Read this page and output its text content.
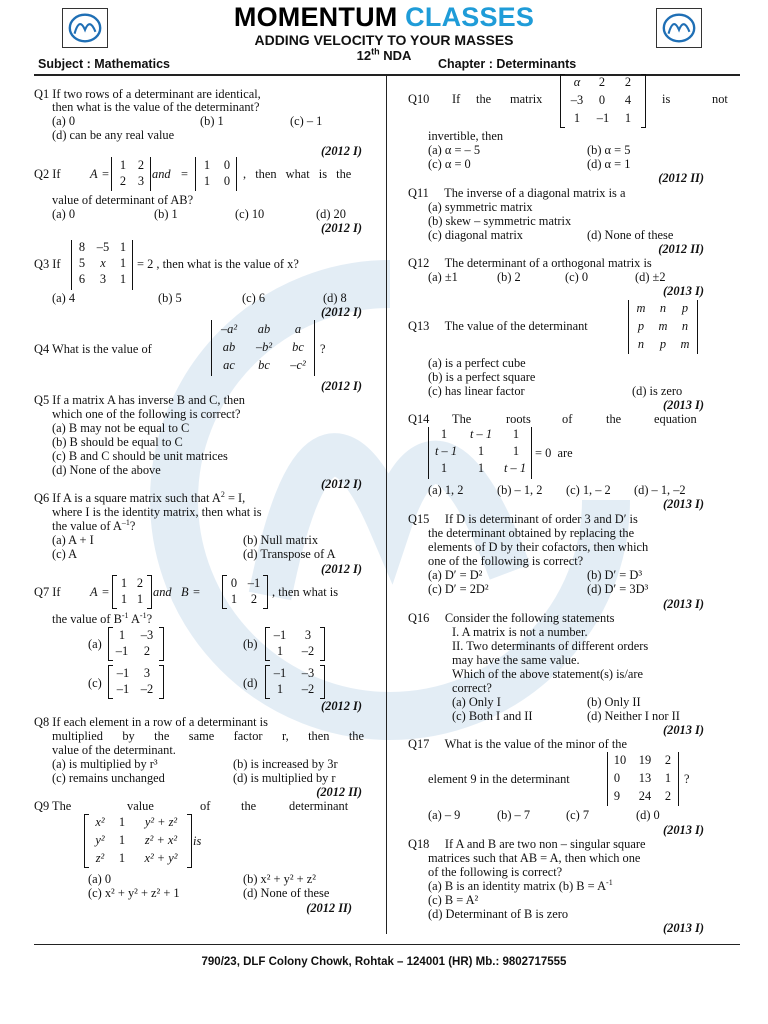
MOMENTUM CLASSES
ADDING VELOCITY TO YOUR MASSES
12th NDA
Subject : Mathematics	Chapter : Determinants
Q1 If two rows of a determinant are identical,
then what is the value of the determinant?
(a) 0	(b) 1	(c) – 1
(d) can be any real value
(2012 I)
Q2 If A =
1 2
2 3 and =
1	0
1	0	, then what is the
value of determinant of AB?
(a) 0	(b) 1	(c) 10	(d) 20
(2012 I)
Q3 If
8 –5 1
5	x	1
6	3	1
= 2 , then what is the value of x?
(a) 4	(b) 5	(c) 6	(d) 8
(2012 I)
Q4 What is the value of
–a²	ab	a
ab	–b²	bc
ac	bc	–c²
?
(2012 I)
Q5 If a matrix A has inverse B and C, then
which one of the following is correct?
(a) B may not be equal to C
(b) B should be equal to C
(c) B and C should be unit matrices
(d) None of the above
(2012 I)
Q6 If A is a square matrix such that $A^2 = I$,
where I is the identity matrix, then what is
the value of $A^{-1}$?
(a) A + I	(b) Null matrix
(c) A	(d) Transpose of A
(2012 I)
Q7 If A =
1 2
1 1 and B =
0 –1
1	2	, then what is
the value of $B^{-1}$ $A^{-1}$?
(a)
1	–3
–1	2	(b)
–1	3
1	–2
(c)
–1	3
–1 –2	(d)
–1	–3
1	–2
(2012 I)
Q8 If each element in a row of a determinant is
multiplied by the same factor r, then the
value of the determinant.
(a) is multiplied by r³	(b) is increased by 3r
(c) remains unchanged	(d) is multiplied by r
(2012 II)
Q9 The	value	of the	determinant
x²	1	y² + z²
y²	1	z² + x²
z²	1	x² + y²
is
(a) 0	(b) x² + y² + z²
(c) x² + y² + z² + 1	(d) None of these
(2012 II)
Q10 If the matrix
α	2	2
–3	0	4
1	–1	1
is	not
invertible, then
(a) α = – 5	(b) α = 5
(c) α = 0	(d) α = 1
(2012 II)
Q11     The inverse of a diagonal matrix is a
(a) symmetric matrix
(b) skew – symmetric matrix
(c) diagonal matrix	(d) None of these
(2012 II)
Q12     The determinant of a orthogonal matrix is
(a) ±1	(b) 2	(c) 0	(d) ±2
(2013 I)
Q13     The value of the determinant
m	n	p
p	m	n
n	p	m
(a) is a perfect cube
(b) is a perfect square
(c) has linear factor	(d) is zero
(2013 I)
Q14 The	roots	of	the	equation
1	t – 1	1
t – 1	1	1
1	1	t – 1
= 0  are
(a) 1, 2	(b) – 1, 2 (c) 1, – 2 (d) – 1, –2
(2013 I)
Q15     If D is determinant of order 3 and D′ is
the determinant obtained by replacing the
elements of D by their cofactors, then which
one of the following is correct?
(a) D′ = D²	(b) D′ = D³
(c) D′ = 2D²	(d) D′ = 3D³
(2013 I)
Q16     Consider the following statements
I. A matrix is not a number.
II. Two determinants of different orders
may have the same value.
Which of the above statement(s) is/are
correct?
(a) Only I	(b) Only II
(c) Both I and II	(d) Neither I nor II
(2013 I)
Q17     What is the value of the minor of the
element 9 in the determinant
10	19	2
0	13	1
9	24	2
?
(a) – 9	(b) – 7	(c) 7	(d) 0
(2013 I)
Q18     If A and B are two non – singular square
matrices such that AB = A, then which one
of the following is correct?
(a) B is an identity matrix (b) $B = A^{-1}$
(c) B = A²
(d) Determinant of B is zero
(2013 I)
790/23, DLF Colony Chowk, Rohtak – 124001 (HR) Mb.: 9802717555
